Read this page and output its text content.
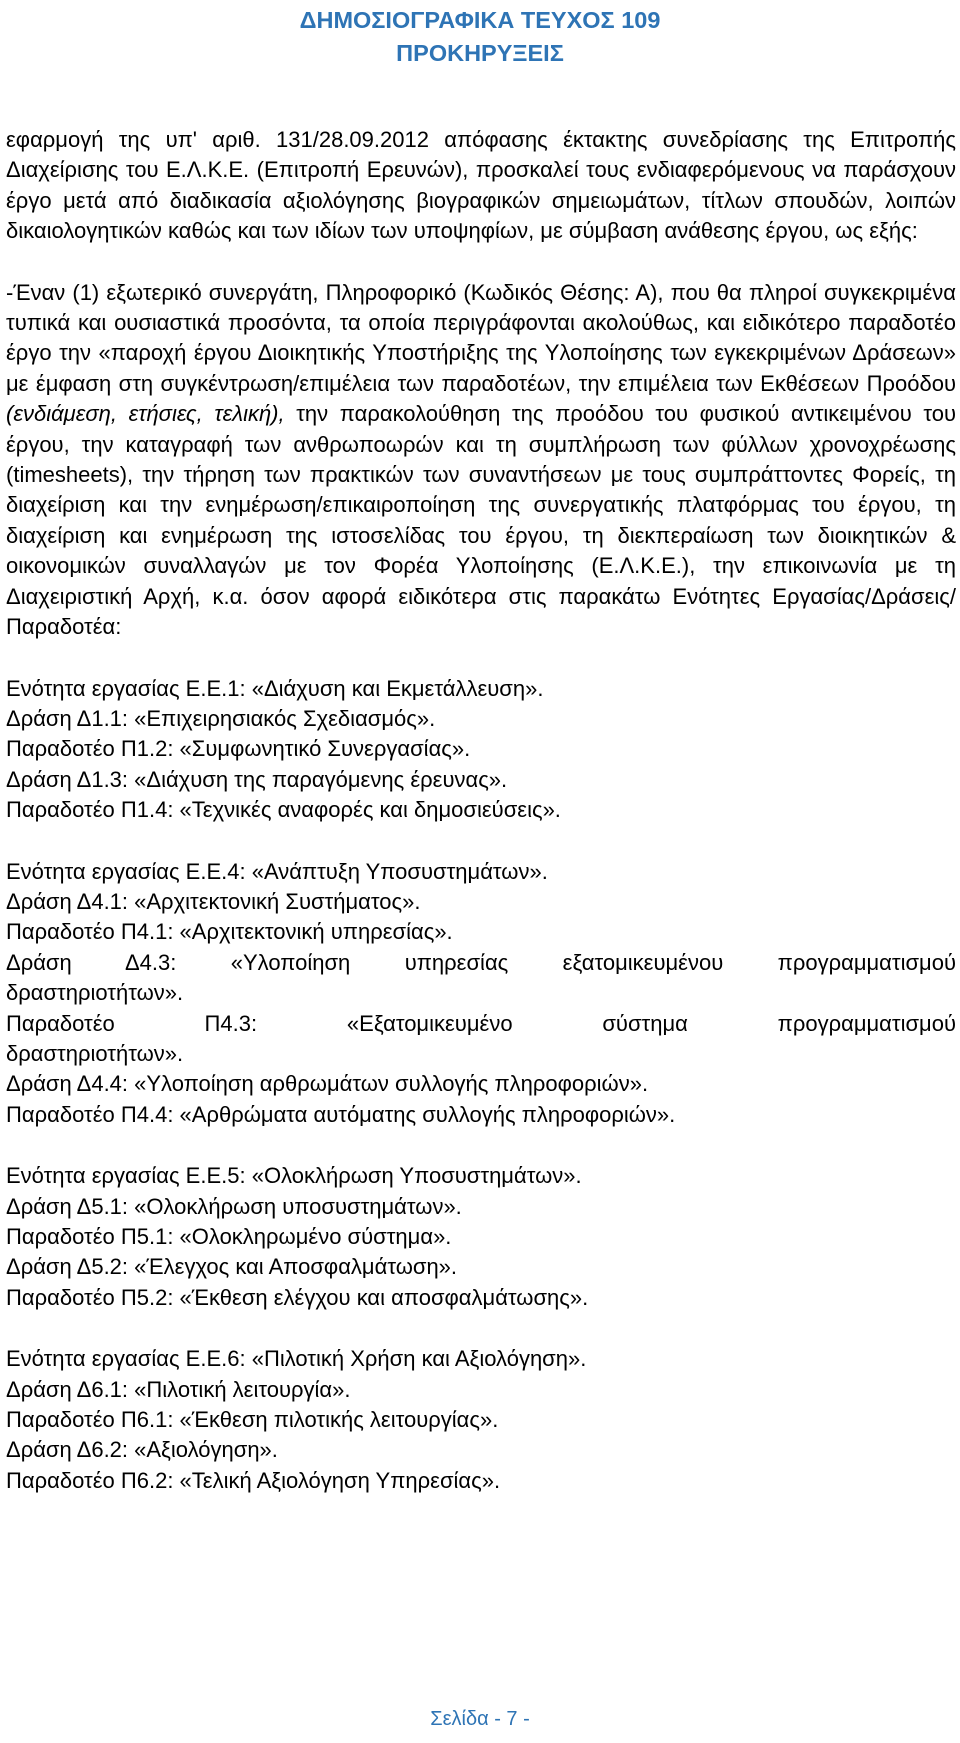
ΔΗΜΟΣΙΟΓΡΑΦΙΚΑ ΤΕΥΧΟΣ 109
ΠΡΟΚΗΡΥΞΕΙΣ

εφαρμογή της υπ' αριθ. 131/28.09.2012 απόφασης έκτακτης συνεδρίασης της Επιτροπής Διαχείρισης του Ε.Λ.Κ.Ε. (Επιτροπή Ερευνών), προσκαλεί τους ενδιαφερόμενους να παράσχουν έργο μετά από διαδικασία αξιολόγησης βιογραφικών σημειωμάτων, τίτλων σπουδών, λοιπών δικαιολογητικών καθώς και των ιδίων των υποψηφίων, με σύμβαση ανάθεσης έργου, ως εξής:

-Έναν (1) εξωτερικό συνεργάτη, Πληροφορικό (Κωδικός Θέσης: Α), που θα πληροί συγκεκριμένα τυπικά και ουσιαστικά προσόντα, τα οποία περιγράφονται ακολούθως, και ειδικότερο παραδοτέο έργο την «παροχή έργου Διοικητικής Υποστήριξης της Υλοποίησης των εγκεκριμένων Δράσεων» με έμφαση στη συγκέντρωση/επιμέλεια των παραδοτέων, την επιμέλεια των Εκθέσεων Προόδου (ενδιάμεση, ετήσιες, τελική), την παρακολούθηση της προόδου του φυσικού αντικειμένου του έργου, την καταγραφή των ανθρωποωρών και τη συμπλήρωση των φύλλων χρονοχρέωσης (timesheets), την τήρηση των πρακτικών των συναντήσεων με τους συμπράττοντες Φορείς, τη διαχείριση και την ενημέρωση/επικαιροποίηση της συνεργατικής πλατφόρμας του έργου, τη διαχείριση και ενημέρωση της ιστοσελίδας του έργου, τη διεκπεραίωση των διοικητικών & οικονομικών συναλλαγών με τον Φορέα Υλοποίησης (Ε.Λ.Κ.Ε.), την επικοινωνία με τη Διαχειριστική Αρχή, κ.α. όσον αφορά ειδικότερα στις παρακάτω Ενότητες Εργασίας/Δράσεις/Παραδοτέα:

Ενότητα εργασίας Ε.Ε.1: «Διάχυση και Εκμετάλλευση».

Δράση Δ1.1: «Επιχειρησιακός Σχεδιασμός».

Παραδοτέο Π1.2: «Συμφωνητικό Συνεργασίας».

Δράση Δ1.3: «Διάχυση της παραγόμενης έρευνας».

Παραδοτέο Π1.4: «Τεχνικές αναφορές και δημοσιεύσεις».

Ενότητα εργασίας Ε.Ε.4: «Ανάπτυξη Υποσυστημάτων».

Δράση Δ4.1: «Αρχιτεκτονική Συστήματος».

Παραδοτέο Π4.1: «Αρχιτεκτονική υπηρεσίας».

Δράση Δ4.3: «Υλοποίηση υπηρεσίας εξατομικευμένου προγραμματισμού

δραστηριοτήτων».

Παραδοτέο Π4.3: «Εξατομικευμένο σύστημα προγραμματισμού

δραστηριοτήτων».

Δράση Δ4.4: «Υλοποίηση αρθρωμάτων συλλογής πληροφοριών».

Παραδοτέο Π4.4: «Αρθρώματα αυτόματης συλλογής πληροφοριών».

Ενότητα εργασίας Ε.Ε.5: «Ολοκλήρωση Υποσυστημάτων».

Δράση Δ5.1: «Ολοκλήρωση υποσυστημάτων».

Παραδοτέο Π5.1: «Ολοκληρωμένο σύστημα».

Δράση Δ5.2: «Έλεγχος και Αποσφαλμάτωση».

Παραδοτέο Π5.2: «Έκθεση ελέγχου και αποσφαλμάτωσης».

Ενότητα εργασίας Ε.Ε.6: «Πιλοτική Χρήση και Αξιολόγηση».

Δράση Δ6.1: «Πιλοτική λειτουργία».

Παραδοτέο Π6.1: «Έκθεση πιλοτικής λειτουργίας».

Δράση Δ6.2: «Αξιολόγηση».

Παραδοτέο Π6.2: «Τελική Αξιολόγηση Υπηρεσίας».

Σελίδα - 7 -
